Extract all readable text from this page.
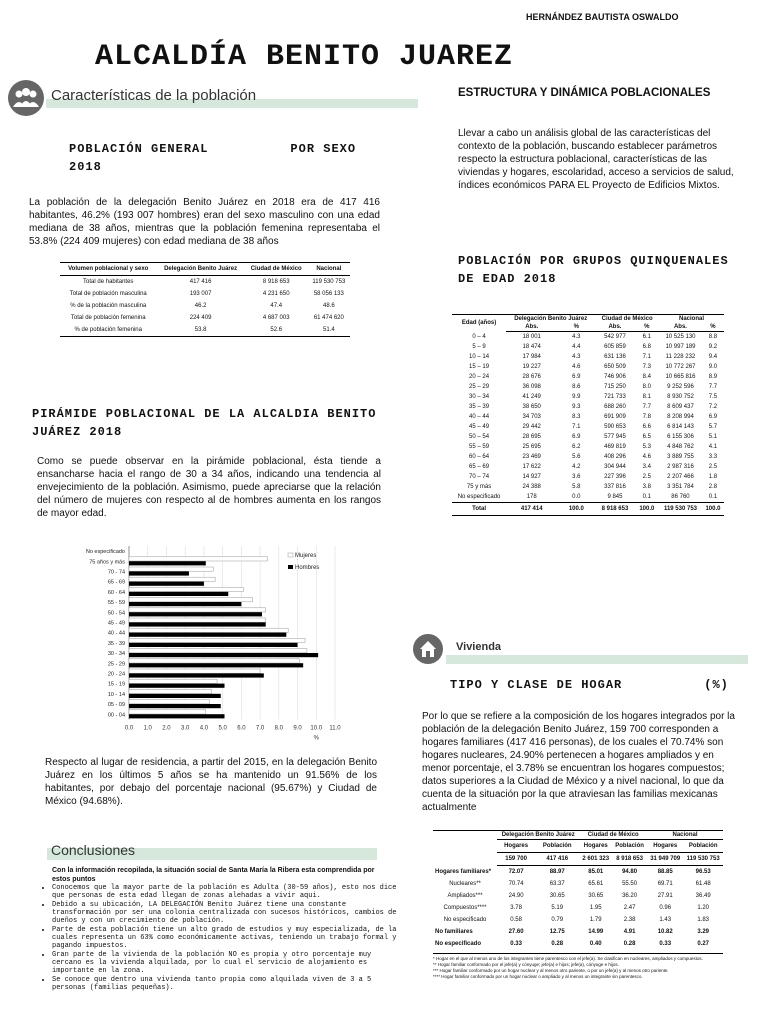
HERNÁNDEZ BAUTISTA OSWALDO
ALCALDÍA BENITO JUAREZ
Características de la población
POBLACIÓN GENERAL          POR SEXO 2018
La población de la delegación Benito Juárez en 2018 era de 417 416 habitantes, 46.2% (193 007 hombres) eran del sexo masculino con una edad mediana de 38 años, mientras que la población femenina representaba el 53.8% (224 409 mujeres) con edad mediana de 38 años
Volumen poblacional y sexo	Delegación Benito Juárez	Ciudad de México	Nacional
Total de habitantes	417 416	8 918 653	119 530 753
Total de población masculina	193 007	4 231 650	58 056 133
% de la población masculina	46.2	47.4	48.6
Total de población femenina	224 409	4 687 003	61 474 620
% de población femenina	53.8	52.6	51.4
PIRÁMIDE POBLACIONAL DE LA ALCALDIA BENITO JUÁREZ 2018
Como se puede observar en la pirámide poblacional, ésta tiende a ensancharse hacia el rango de 30 a 34 años, indicando una tendencia al envejecimiento de la población. Asimismo, puede apreciarse que la relación del número de mujeres con respecto al de hombres aumenta en los rangos de mayor edad.
0.0 1.0 2.0 3.0 4.0 5.0 6.0 7.0 8.0 9.0 10.0 11.0
%
No especificado
75 años y más
70 - 74
65 - 69
60 - 64
55 - 59
50 - 54
45 - 49
40 - 44
35 - 39
30 - 34
25 - 29
20 - 24
15 - 19
10 - 14
05 - 09
00 - 04
Mujeres
Hombres
Respecto al lugar de residencia, a partir del 2015, en la delegación Benito Juárez en los últimos 5 años se ha mantenido un 91.56% de los habitantes, por debajo del porcentaje nacional (95.67%) y Ciudad de México (94.68%).
Conclusiones
Con la información recopilada, la situación social de Santa María la Ribera esta comprendida por estos puntos
• Conocemos que la mayor parte de la población es Adulta (30-59 años), esto nos dice que personas de esta edad llegan de zonas alehadas a vivir aqui.
• Debido a su ubicación, LA DELEGACIÓN Benito Juárez tiene una constante transformación por ser una colonia centralizada con sucesos históricos, cambios de dueños y con un crecimiento de población.
• Parte de esta población tiene un alto grado de estudios y muy especializada, de la cuales representa un 63% como económicamente activas, teniendo un trabajo formal y pagando impuestos.
• Gran parte de la vivienda de la población NO es propia y otro porcentaje muy cercano es la vivienda alquilada, por lo cual el servicio de alojamiento es importante en la zona.
• Se conoce que dentro una vivienda tanto propia como alquilada viven de 3 a 5 personas (familias pequeñas).
ESTRUCTURA Y DINÁMICA POBLACIONALES
Llevar a cabo un análisis global de las características del contexto de la población, buscando establecer parámetros respecto la estructura poblacional, características de las viviendas y hogares, escolaridad, acceso a servicios de salud, índices económicos PARA EL Proyecto de Edificios Mixtos.
POBLACIÓN POR GRUPOS QUINQUENALES DE EDAD 2018
Edad (años)	Delegación Benito Juárez		Ciudad de México		Nacional	
	Abs.	%	Abs.	%	Abs.	%
0 – 4	18 001	4.3	542 977	6.1	10 525 130	8.8
5 – 9	18 474	4.4	605 859	6.8	10 997 189	9.2
10 – 14	17 984	4.3	631 136	7.1	11 228 232	9.4
15 – 19	19 227	4.6	650 509	7.3	10 772 267	9.0
20 – 24	28 676	6.9	746 906	8.4	10 665 816	8.9
25 – 29	36 098	8.6	715 250	8.0	9 252 596	7.7
30 – 34	41 249	9.9	721 733	8.1	8 930 752	7.5
35 – 39	38 650	9.3	688 260	7.7	8 609 437	7.2
40 – 44	34 703	8.3	691 909	7.8	8 208 994	6.9
45 – 49	29 442	7.1	590 653	6.6	6 814 143	5.7
50 – 54	28 695	6.9	577 945	6.5	6 155 306	5.1
55 – 59	25 695	6.2	469 819	5.3	4 848 762	4.1
60 – 64	23 469	5.6	408 296	4.6	3 889 755	3.3
65 – 69	17 622	4.2	304 944	3.4	2 987 316	2.5
70 – 74	14 927	3.6	227 396	2.5	2 207 466	1.8
75 y más	24 388	5.8	337 816	3.8	3 351 784	2.8
No especificado	178	0.0	9 845	0.1	86 760	0.1
Total	417 414	100.0	8 918 653	100.0	119 530 753	100.0
Vivienda
TIPO Y CLASE DE HOGAR          (%)
Por lo que se refiere a la composición de los hogares integrados por la población de la delegación Benito Juárez, 159 700 corresponden a hogares familiares (417 416 personas), de los cuales el 70.74% son hogares nucleares, 24.90% pertenecen a hogares ampliados y en menor porcentaje, el 3.78% se encuentran los hogares compuestos; datos superiores a la Ciudad de México y a nivel nacional, lo que da cuenta de la situación por la que atraviesan las familias mexicanas actualmente
	Delegación Benito Juárez		Ciudad de México		Nacional	
	Hogares	Población	Hogares	Población	Hogares	Población
	159 700	417 416	2 601 323	8 918 653	31 949 709	119 530 753
Hogares familiares*	72.07	88.97	85.01	94.80	88.85	96.53
Nucleares**	70.74	63.37	65.61	55.50	69.71	61.48
Ampliados***	24.90	30.65	30.65	36.20	27.91	36.49
Compuestos****	3.78	5.19	1.95	2.47	0.96	1.20
No especificado	0.58	0.79	1.79	2.38	1.43	1.83
No familiares	27.60	12.75	14.99	4.91	10.82	3.29
No especificado	0.33	0.28	0.40	0.28	0.33	0.27
* Hogar en el que al menos uno de los integrantes tiene parentesco con el jefe(a). Se clasifican en nucleares, ampliados y compuestos.
** Hogar familiar conformado por el jefe(a) y cónyuge; jefe(a) e hijos; jefe(a), cónyuge e hijos.
*** Hogar familiar conformado por un hogar nuclear y al menos otro pariente, o por un jefe(a) y al menos otro pariente.
**** Hogar familiar conformado por un hogar nuclear o ampliado y al menos un integrante sin parentesco.
